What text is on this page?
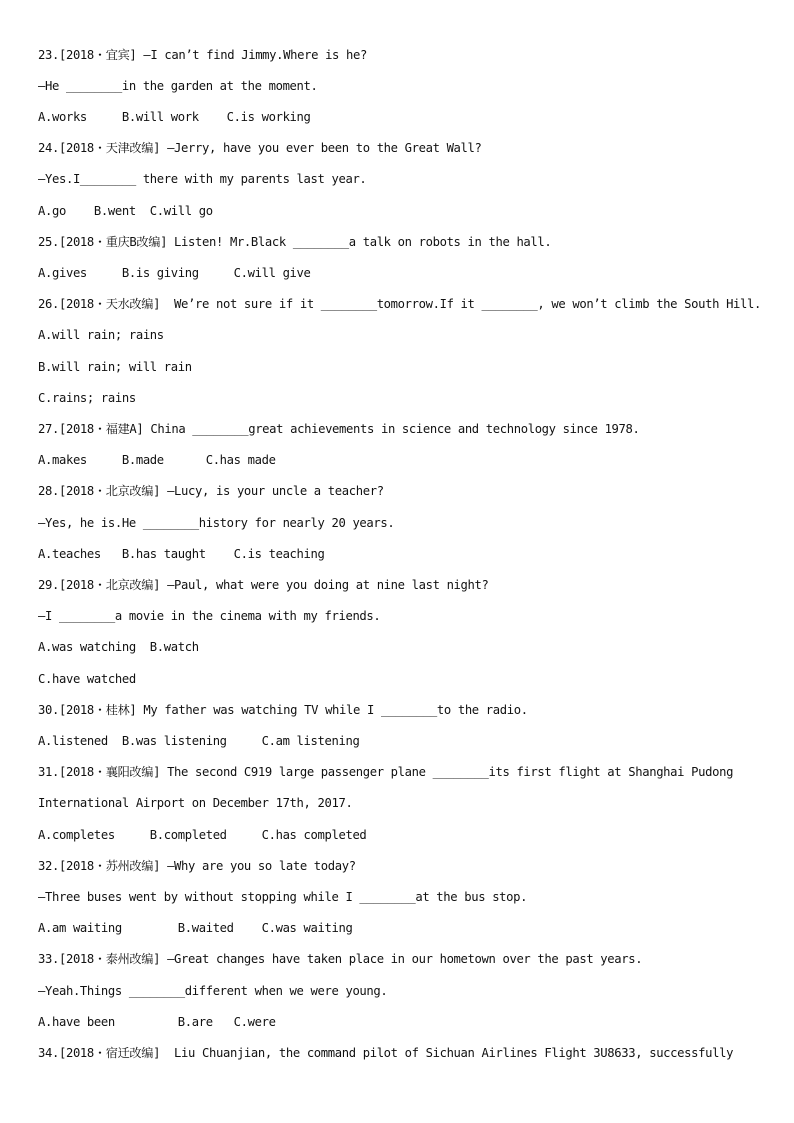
23.[2018・宜宾] —I can’t find Jimmy.Where is he?
—He ________in the garden at the moment.
A.works     B.will work    C.is working
24.[2018・天津改编] —Jerry, have you ever been to the Great Wall?
—Yes.I________ there with my parents last year.
A.go    B.went  C.will go
25.[2018・重庆B改编] Listen! Mr.Black ________a talk on robots in the hall.
A.gives     B.is giving     C.will give
26.[2018・天水改编]  We’re not sure if it ________tomorrow.If it ________, we won’t climb the South Hill.
A.will rain; rains
B.will rain; will rain
C.rains; rains
27.[2018・福建A] China ________great achievements in science and technology since 1978.
A.makes     B.made      C.has made
28.[2018・北京改编] —Lucy, is your uncle a teacher?
—Yes, he is.He ________history for nearly 20 years.
A.teaches   B.has taught    C.is teaching
29.[2018・北京改编] —Paul, what were you doing at nine last night?
—I ________a movie in the cinema with my friends.
A.was watching  B.watch
C.have watched
30.[2018・桂林] My father was watching TV while I ________to the radio.
A.listened  B.was listening     C.am listening
31.[2018・襄阳改编] The second C919 large passenger plane ________its first flight at Shanghai Pudong
International Airport on December 17th, 2017.
A.completes     B.completed     C.has completed
32.[2018・苏州改编] —Why are you so late today?
—Three buses went by without stopping while I ________at the bus stop.
A.am waiting        B.waited    C.was waiting
33.[2018・泰州改编] —Great changes have taken place in our hometown over the past years.
—Yeah.Things ________different when we were young.
A.have been         B.are   C.were
34.[2018・宿迁改编]  Liu Chuanjian, the command pilot of Sichuan Airlines Flight 3U8633, successfully
